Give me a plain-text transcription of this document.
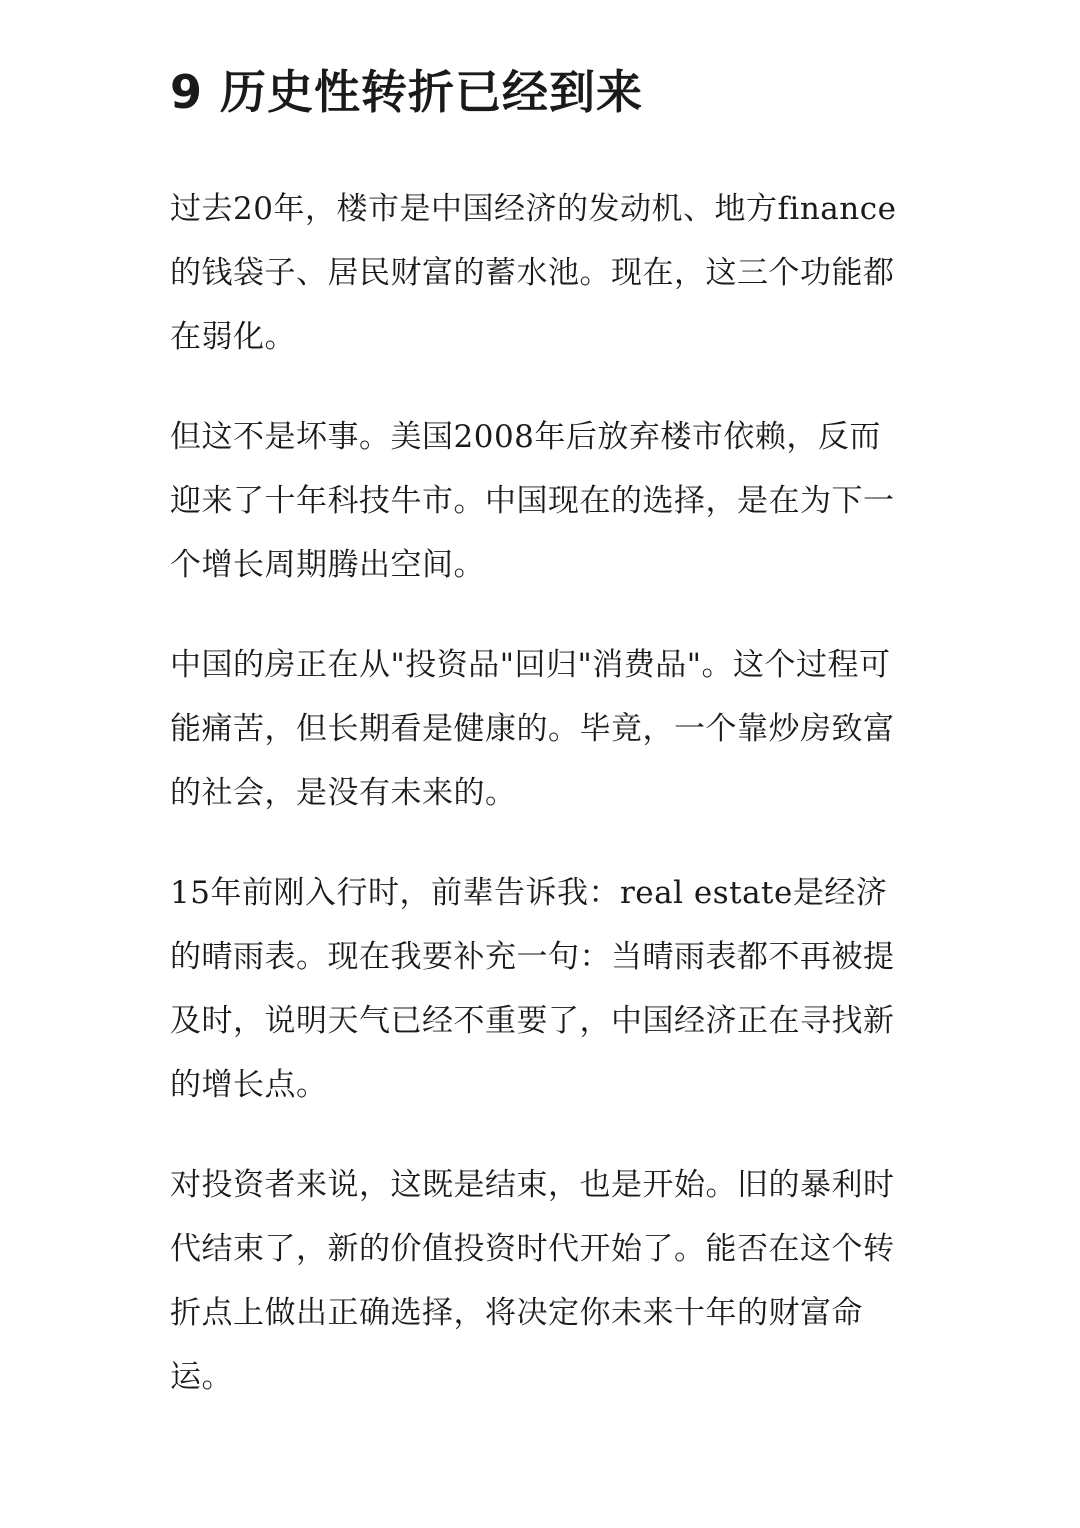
9 历史性转折已经到来

过去20年，楼市是中国经济的发动机、地方finance的钱袋子、居民财富的蓄水池。现在，这三个功能都在弱化。

但这不是坏事。美国2008年后放弃楼市依赖，反而迎来了十年科技牛市。中国现在的选择，是在为下一个增长周期腾出空间。

中国的房正在从"投资品"回归"消费品"。这个过程可能痛苦，但长期看是健康的。毕竟，一个靠炒房致富的社会，是没有未来的。

15年前刚入行时，前辈告诉我：real estate是经济的晴雨表。现在我要补充一句：当晴雨表都不再被提及时，说明天气已经不重要了，中国经济正在寻找新的增长点。

对投资者来说，这既是结束，也是开始。旧的暴利时代结束了，新的价值投资时代开始了。能否在这个转折点上做出正确选择，将决定你未来十年的财富命运。
